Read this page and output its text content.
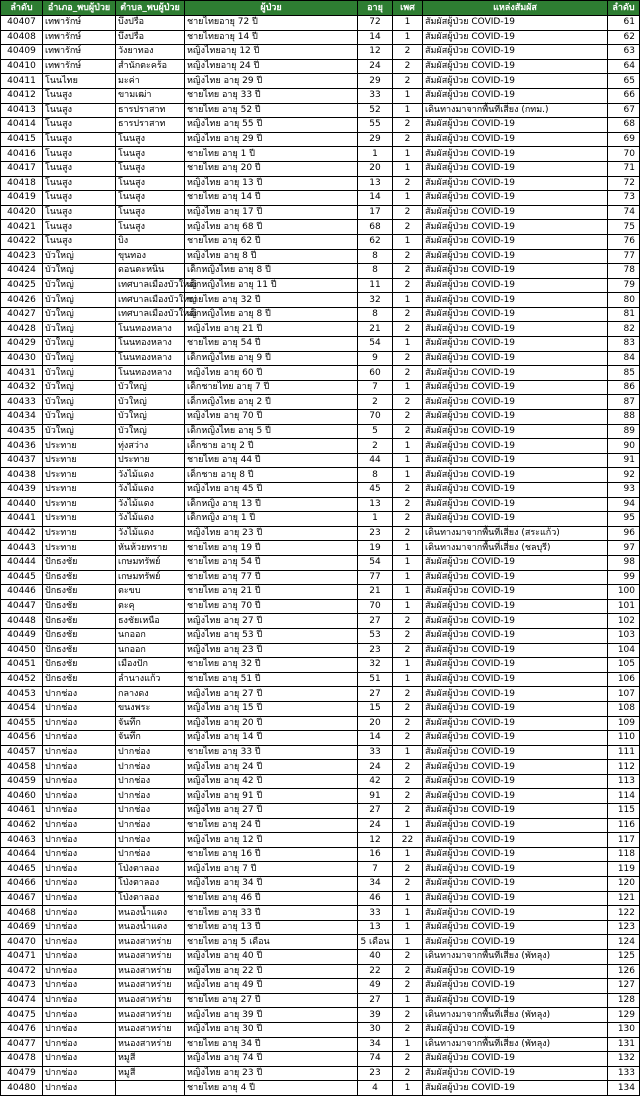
ลำดับ	อำเภอ_พบผู้ป่วย	ตำบล_พบผู้ป่วย	ผู้ป่วย	อายุ	เพศ	แหล่งสัมผัส	ลำดับ
40407	เทพารักษ์	บึงปรือ	ชายไทยอายุ 72 ปี	72	1	สัมผัสผู้ป่วย COVID-19	61
40408	เทพารักษ์	บึงปรือ	ชายไทยอายุ 14 ปี	14	1	สัมผัสผู้ป่วย COVID-19	62
40409	เทพารักษ์	วังยาทอง	หญิงไทยอายุ 12 ปี	12	2	สัมผัสผู้ป่วย COVID-19	63
40410	เทพารักษ์	สำนักตะคร้อ	หญิงไทยอายุ 24 ปี	24	2	สัมผัสผู้ป่วย COVID-19	64
40411	โนนไทย	มะค่า	หญิงไทย อายุ 29 ปี	29	2	สัมผัสผู้ป่วย COVID-19	65
40412	โนนสูง	ขามเฒ่า	ชายไทย อายุ 33 ปี	33	1	สัมผัสผู้ป่วย COVID-19	66
40413	โนนสูง	ธารปราสาท	ชายไทย อายุ 52 ปี	52	1	เดินทางมาจากพื้นที่เสี่ยง (กทม.)	67
40414	โนนสูง	ธารปราสาท	หญิงไทย อายุ 55 ปี	55	2	สัมผัสผู้ป่วย COVID-19	68
40415	โนนสูง	โนนสูง	หญิงไทย อายุ 29 ปี	29	2	สัมผัสผู้ป่วย COVID-19	69
40416	โนนสูง	โนนสูง	ชายไทย อายุ 1 ปี	1	1	สัมผัสผู้ป่วย COVID-19	70
40417	โนนสูง	โนนสูง	ชายไทย อายุ 20 ปี	20	1	สัมผัสผู้ป่วย COVID-19	71
40418	โนนสูง	โนนสูง	หญิงไทย อายุ 13 ปี	13	2	สัมผัสผู้ป่วย COVID-19	72
40419	โนนสูง	โนนสูง	ชายไทย อายุ 14 ปี	14	1	สัมผัสผู้ป่วย COVID-19	73
40420	โนนสูง	โนนสูง	หญิงไทย อายุ 17 ปี	17	2	สัมผัสผู้ป่วย COVID-19	74
40421	โนนสูง	โนนสูง	หญิงไทย อายุ 68 ปี	68	2	สัมผัสผู้ป่วย COVID-19	75
40422	โนนสูง	บิง	ชายไทย อายุ 62 ปี	62	1	สัมผัสผู้ป่วย COVID-19	76
40423	บัวใหญ่	ขุนทอง	หญิงไทย อายุ 8 ปี	8	2	สัมผัสผู้ป่วย COVID-19	77
40424	บัวใหญ่	ดอนตะหนิน	เด็กหญิงไทย อายุ 8 ปี	8	2	สัมผัสผู้ป่วย COVID-19	78
40425	บัวใหญ่	เทศบาลเมืองบัวใหญ่	เด็กหญิงไทย อายุ 11 ปี	11	2	สัมผัสผู้ป่วย COVID-19	79
40426	บัวใหญ่	เทศบาลเมืองบัวใหญ่	ชายไทย อายุ 32 ปี	32	1	สัมผัสผู้ป่วย COVID-19	80
40427	บัวใหญ่	เทศบาลเมืองบัวใหญ่	เด็กหญิงไทย อายุ 8 ปี	8	2	สัมผัสผู้ป่วย COVID-19	81
40428	บัวใหญ่	โนนทองหลาง	หญิงไทย อายุ 21 ปี	21	2	สัมผัสผู้ป่วย COVID-19	82
40429	บัวใหญ่	โนนทองหลาง	ชายไทย อายุ 54 ปี	54	1	สัมผัสผู้ป่วย COVID-19	83
40430	บัวใหญ่	โนนทองหลาง	เด็กหญิงไทย อายุ 9 ปี	9	2	สัมผัสผู้ป่วย COVID-19	84
40431	บัวใหญ่	โนนทองหลาง	หญิงไทย อายุ 60 ปี	60	2	สัมผัสผู้ป่วย COVID-19	85
40432	บัวใหญ่	บัวใหญ่	เด็กชายไทย อายุ 7 ปี	7	1	สัมผัสผู้ป่วย COVID-19	86
40433	บัวใหญ่	บัวใหญ่	เด็กหญิงไทย อายุ 2 ปี	2	2	สัมผัสผู้ป่วย COVID-19	87
40434	บัวใหญ่	บัวใหญ่	หญิงไทย อายุ 70 ปี	70	2	สัมผัสผู้ป่วย COVID-19	88
40435	บัวใหญ่	บัวใหญ่	เด็กหญิงไทย อายุ 5 ปี	5	2	สัมผัสผู้ป่วย COVID-19	89
40436	ประทาย	ทุ่งสว่าง	เด็กชาย อายุ 2 ปี	2	1	สัมผัสผู้ป่วย COVID-19	90
40437	ประทาย	ประทาย	ชายไทย อายุ 44 ปี	44	1	สัมผัสผู้ป่วย COVID-19	91
40438	ประทาย	วังไม้แดง	เด็กชาย อายุ 8 ปี	8	1	สัมผัสผู้ป่วย COVID-19	92
40439	ประทาย	วังไม้แดง	หญิงไทย อายุ 45 ปี	45	2	สัมผัสผู้ป่วย COVID-19	93
40440	ประทาย	วังไม้แดง	เด็กหญิง อายุ 13 ปี	13	2	สัมผัสผู้ป่วย COVID-19	94
40441	ประทาย	วังไม้แดง	เด็กหญิง อายุ 1 ปี	1	2	สัมผัสผู้ป่วย COVID-19	95
40442	ประทาย	วังไม้แดง	หญิงไทย อายุ 23 ปี	23	2	เดินทางมาจากพื้นที่เสี่ยง (สระแก้ว)	96
40443	ประทาย	หันห้วยทราย	ชายไทย อายุ 19 ปี	19	1	เดินทางมาจากพื้นที่เสี่ยง (ชลบุรี)	97
40444	ปักธงชัย	เกษมทรัพย์	ชายไทย อายุ 54 ปี	54	1	สัมผัสผู้ป่วย COVID-19	98
40445	ปักธงชัย	เกษมทรัพย์	ชายไทย อายุ 77 ปี	77	1	สัมผัสผู้ป่วย COVID-19	99
40446	ปักธงชัย	ตะขบ	ชายไทย อายุ 21 ปี	21	1	สัมผัสผู้ป่วย COVID-19	100
40447	ปักธงชัย	ตะคุ	ชายไทย อายุ 70 ปี	70	1	สัมผัสผู้ป่วย COVID-19	101
40448	ปักธงชัย	ธงชัยเหนือ	หญิงไทย อายุ 27 ปี	27	2	สัมผัสผู้ป่วย COVID-19	102
40449	ปักธงชัย	นกออก	หญิงไทย อายุ 53 ปี	53	2	สัมผัสผู้ป่วย COVID-19	103
40450	ปักธงชัย	นกออก	หญิงไทย อายุ 23 ปี	23	2	สัมผัสผู้ป่วย COVID-19	104
40451	ปักธงชัย	เมืองปัก	ชายไทย อายุ 32 ปี	32	1	สัมผัสผู้ป่วย COVID-19	105
40452	ปักธงชัย	ลำนางแก้ว	ชายไทย อายุ 51 ปี	51	1	สัมผัสผู้ป่วย COVID-19	106
40453	ปากช่อง	กลางดง	หญิงไทย อายุ 27 ปี	27	2	สัมผัสผู้ป่วย COVID-19	107
40454	ปากช่อง	ขนงพระ	หญิงไทย อายุ 15 ปี	15	2	สัมผัสผู้ป่วย COVID-19	108
40455	ปากช่อง	จันทึก	หญิงไทย อายุ 20 ปี	20	2	สัมผัสผู้ป่วย COVID-19	109
40456	ปากช่อง	จันทึก	หญิงไทย อายุ 14 ปี	14	2	สัมผัสผู้ป่วย COVID-19	110
40457	ปากช่อง	ปากช่อง	ชายไทย อายุ 33 ปี	33	1	สัมผัสผู้ป่วย COVID-19	111
40458	ปากช่อง	ปากช่อง	หญิงไทย อายุ 24 ปี	24	2	สัมผัสผู้ป่วย COVID-19	112
40459	ปากช่อง	ปากช่อง	หญิงไทย อายุ 42 ปี	42	2	สัมผัสผู้ป่วย COVID-19	113
40460	ปากช่อง	ปากช่อง	หญิงไทย อายุ 91 ปี	91	2	สัมผัสผู้ป่วย COVID-19	114
40461	ปากช่อง	ปากช่อง	หญิงไทย อายุ 27 ปี	27	2	สัมผัสผู้ป่วย COVID-19	115
40462	ปากช่อง	ปากช่อง	ชายไทย อายุ 24 ปี	24	1	สัมผัสผู้ป่วย COVID-19	116
40463	ปากช่อง	ปากช่อง	หญิงไทย อายุ 12 ปี	12	22	สัมผัสผู้ป่วย COVID-19	117
40464	ปากช่อง	ปากช่อง	ชายไทย อายุ 16 ปี	16	1	สัมผัสผู้ป่วย COVID-19	118
40465	ปากช่อง	โป่งตาลอง	หญิงไทย อายุ 7 ปี	7	2	สัมผัสผู้ป่วย COVID-19	119
40466	ปากช่อง	โป่งตาลอง	หญิงไทย อายุ 34 ปี	34	2	สัมผัสผู้ป่วย COVID-19	120
40467	ปากช่อง	โป่งตาลอง	ชายไทย อายุ 46 ปี	46	1	สัมผัสผู้ป่วย COVID-19	121
40468	ปากช่อง	หนองน้ำแดง	ชายไทย อายุ 33 ปี	33	1	สัมผัสผู้ป่วย COVID-19	122
40469	ปากช่อง	หนองน้ำแดง	ชายไทย อายุ 13 ปี	13	1	สัมผัสผู้ป่วย COVID-19	123
40470	ปากช่อง	หนองสาหร่าย	ชายไทย อายุ 5 เดือน	5 เดือน	1	สัมผัสผู้ป่วย COVID-19	124
40471	ปากช่อง	หนองสาหร่าย	หญิงไทย อายุ 40 ปี	40	2	เดินทางมาจากพื้นที่เสี่ยง (พัทลุง)	125
40472	ปากช่อง	หนองสาหร่าย	หญิงไทย อายุ 22 ปี	22	2	สัมผัสผู้ป่วย COVID-19	126
40473	ปากช่อง	หนองสาหร่าย	หญิงไทย อายุ 49 ปี	49	2	สัมผัสผู้ป่วย COVID-19	127
40474	ปากช่อง	หนองสาหร่าย	ชายไทย อายุ 27 ปี	27	1	สัมผัสผู้ป่วย COVID-19	128
40475	ปากช่อง	หนองสาหร่าย	หญิงไทย อายุ 39 ปี	39	2	เดินทางมาจากพื้นที่เสี่ยง (พัทลุง)	129
40476	ปากช่อง	หนองสาหร่าย	หญิงไทย อายุ 30 ปี	30	2	สัมผัสผู้ป่วย COVID-19	130
40477	ปากช่อง	หนองสาหร่าย	ชายไทย อายุ 34 ปี	34	1	เดินทางมาจากพื้นที่เสี่ยง (พัทลุง)	131
40478	ปากช่อง	หมูสี	หญิงไทย อายุ 74 ปี	74	2	สัมผัสผู้ป่วย COVID-19	132
40479	ปากช่อง	หมูสี	หญิงไทย อายุ 23 ปี	23	2	สัมผัสผู้ป่วย COVID-19	133
40480	ปากช่อง		ชายไทย อายุ 4 ปี	4	1	สัมผัสผู้ป่วย COVID-19	134
